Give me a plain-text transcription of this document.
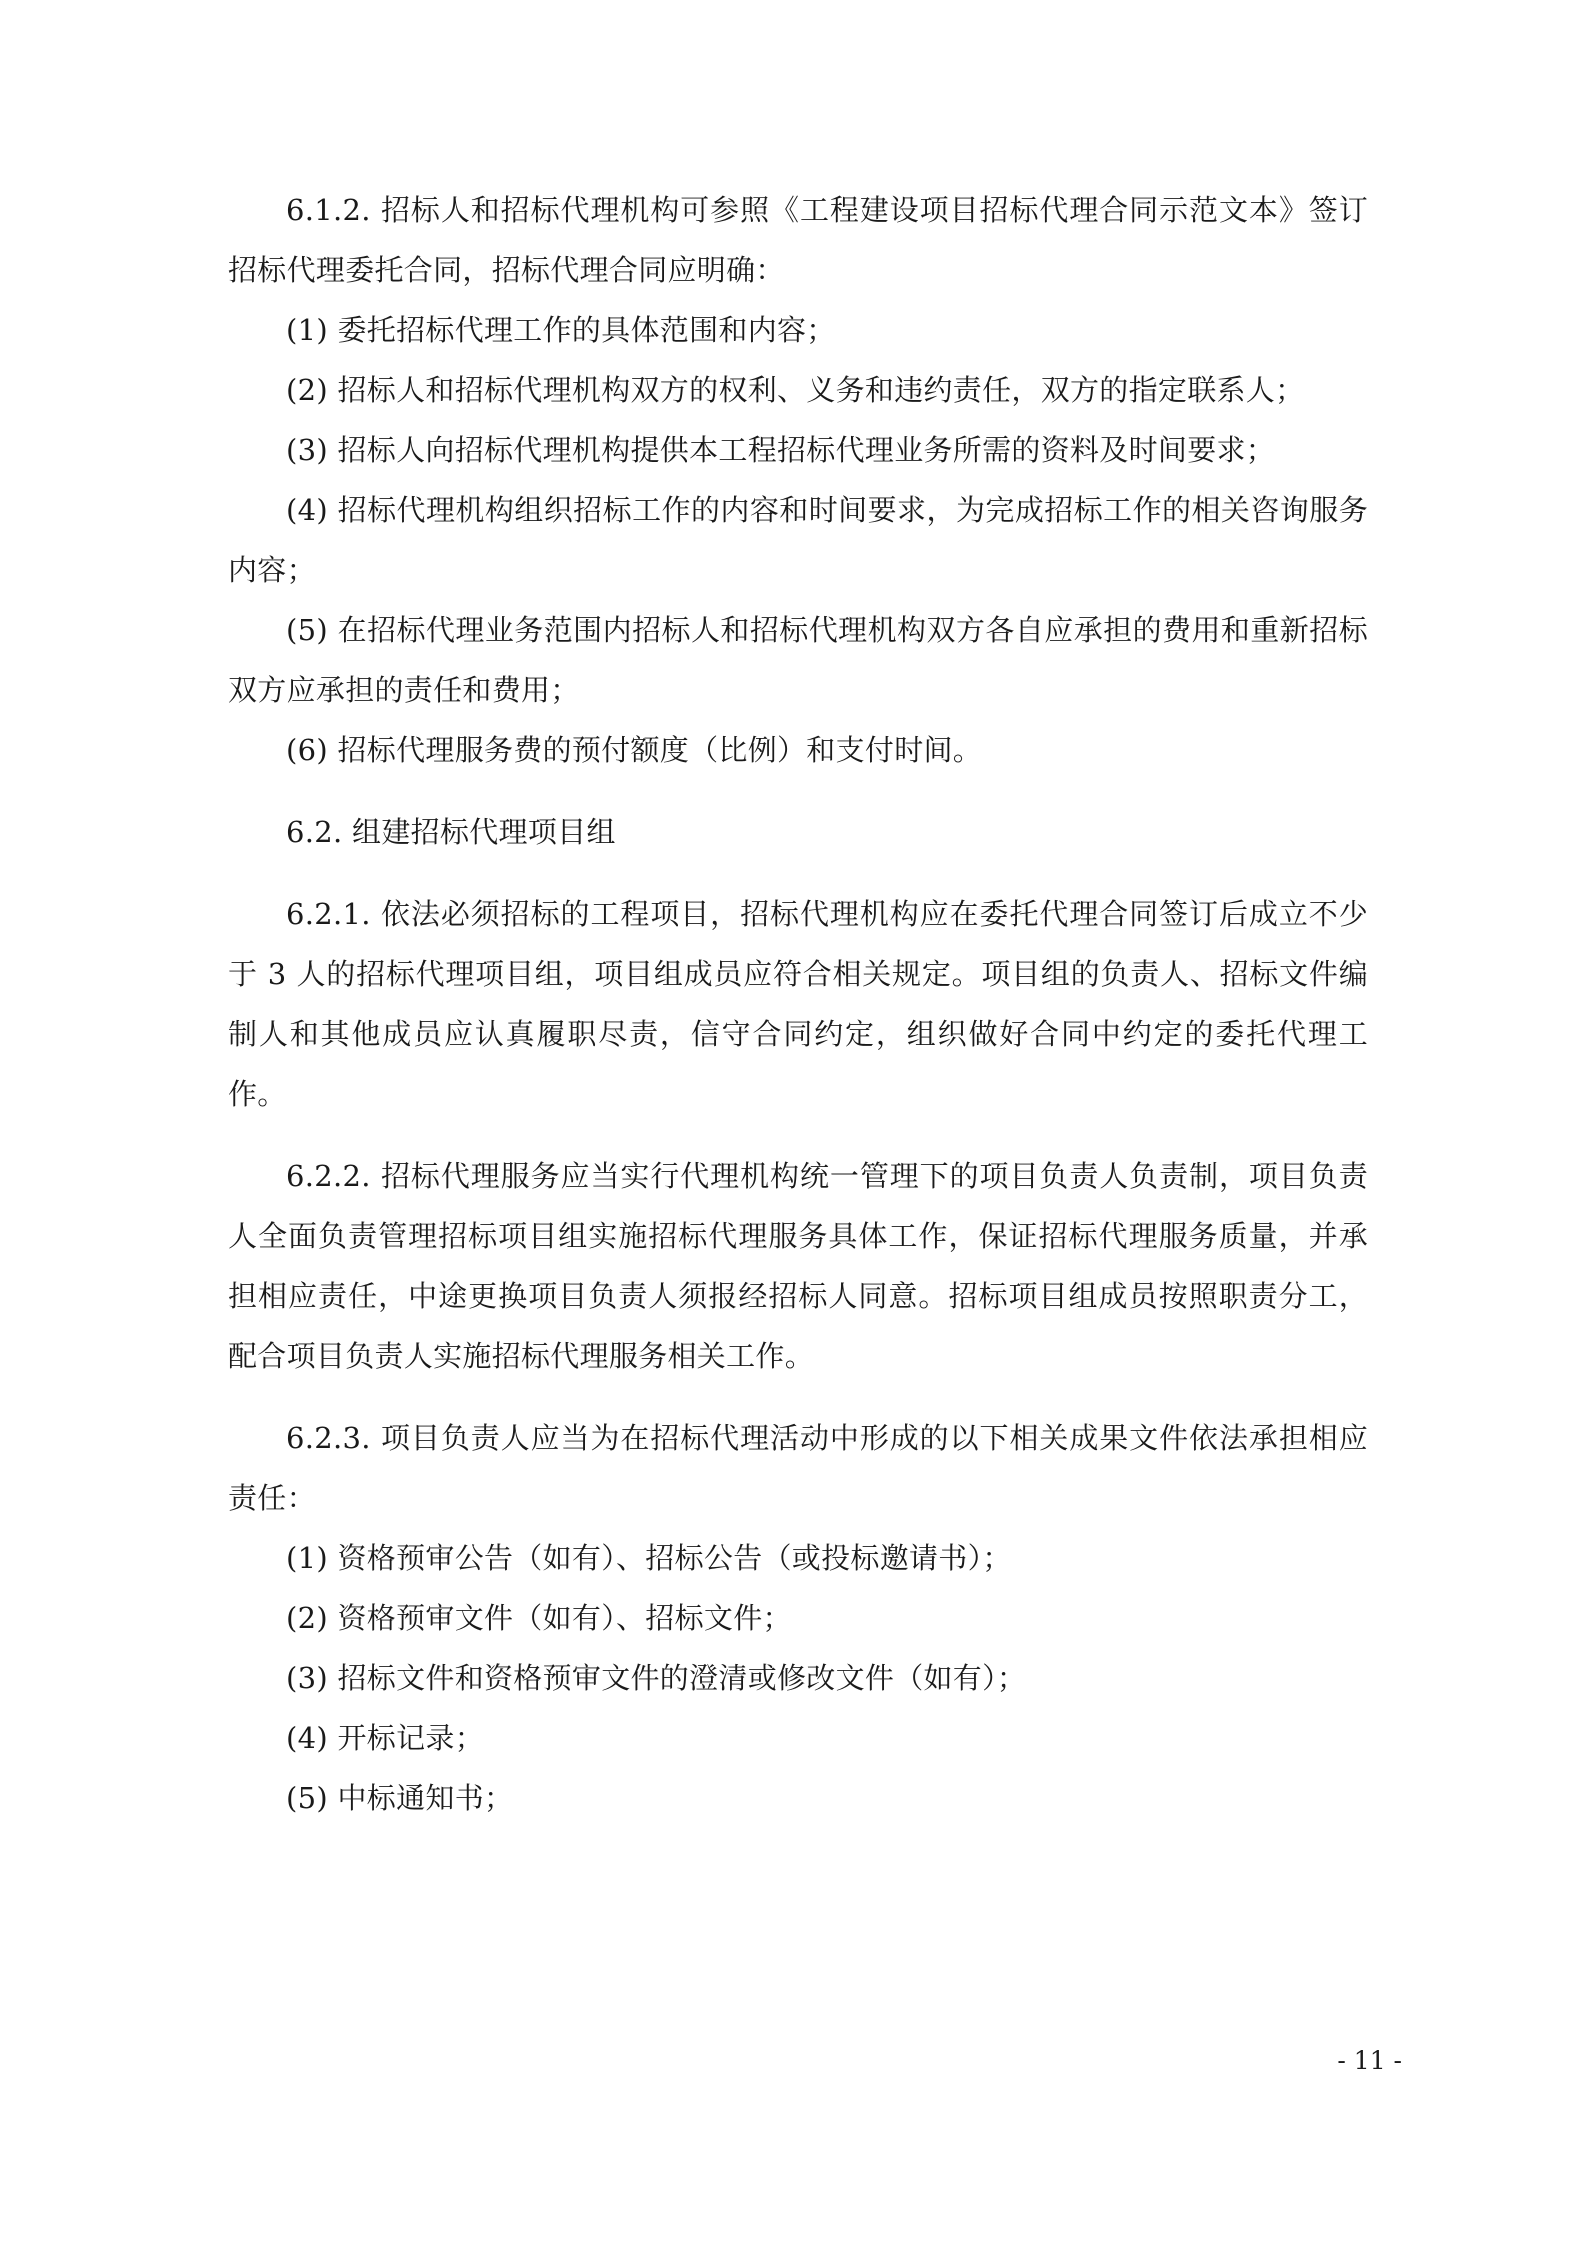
6.1.2. 招标人和招标代理机构可参照《工程建设项目招标代理合同示范文本》签订招标代理委托合同，招标代理合同应明确：

(1) 委托招标代理工作的具体范围和内容；

(2) 招标人和招标代理机构双方的权利、义务和违约责任，双方的指定联系人；

(3) 招标人向招标代理机构提供本工程招标代理业务所需的资料及时间要求；

(4) 招标代理机构组织招标工作的内容和时间要求，为完成招标工作的相关咨询服务内容；

(5) 在招标代理业务范围内招标人和招标代理机构双方各自应承担的费用和重新招标双方应承担的责任和费用；

(6) 招标代理服务费的预付额度（比例）和支付时间。

6.2. 组建招标代理项目组

6.2.1. 依法必须招标的工程项目，招标代理机构应在委托代理合同签订后成立不少于 3 人的招标代理项目组，项目组成员应符合相关规定。项目组的负责人、招标文件编制人和其他成员应认真履职尽责，信守合同约定，组织做好合同中约定的委托代理工作。

6.2.2. 招标代理服务应当实行代理机构统一管理下的项目负责人负责制，项目负责人全面负责管理招标项目组实施招标代理服务具体工作，保证招标代理服务质量，并承担相应责任，中途更换项目负责人须报经招标人同意。招标项目组成员按照职责分工，配合项目负责人实施招标代理服务相关工作。

6.2.3. 项目负责人应当为在招标代理活动中形成的以下相关成果文件依法承担相应责任：

(1) 资格预审公告（如有）、招标公告（或投标邀请书）；

(2) 资格预审文件（如有）、招标文件；

(3) 招标文件和资格预审文件的澄清或修改文件（如有）；

(4) 开标记录；

(5) 中标通知书；

- 11 -
